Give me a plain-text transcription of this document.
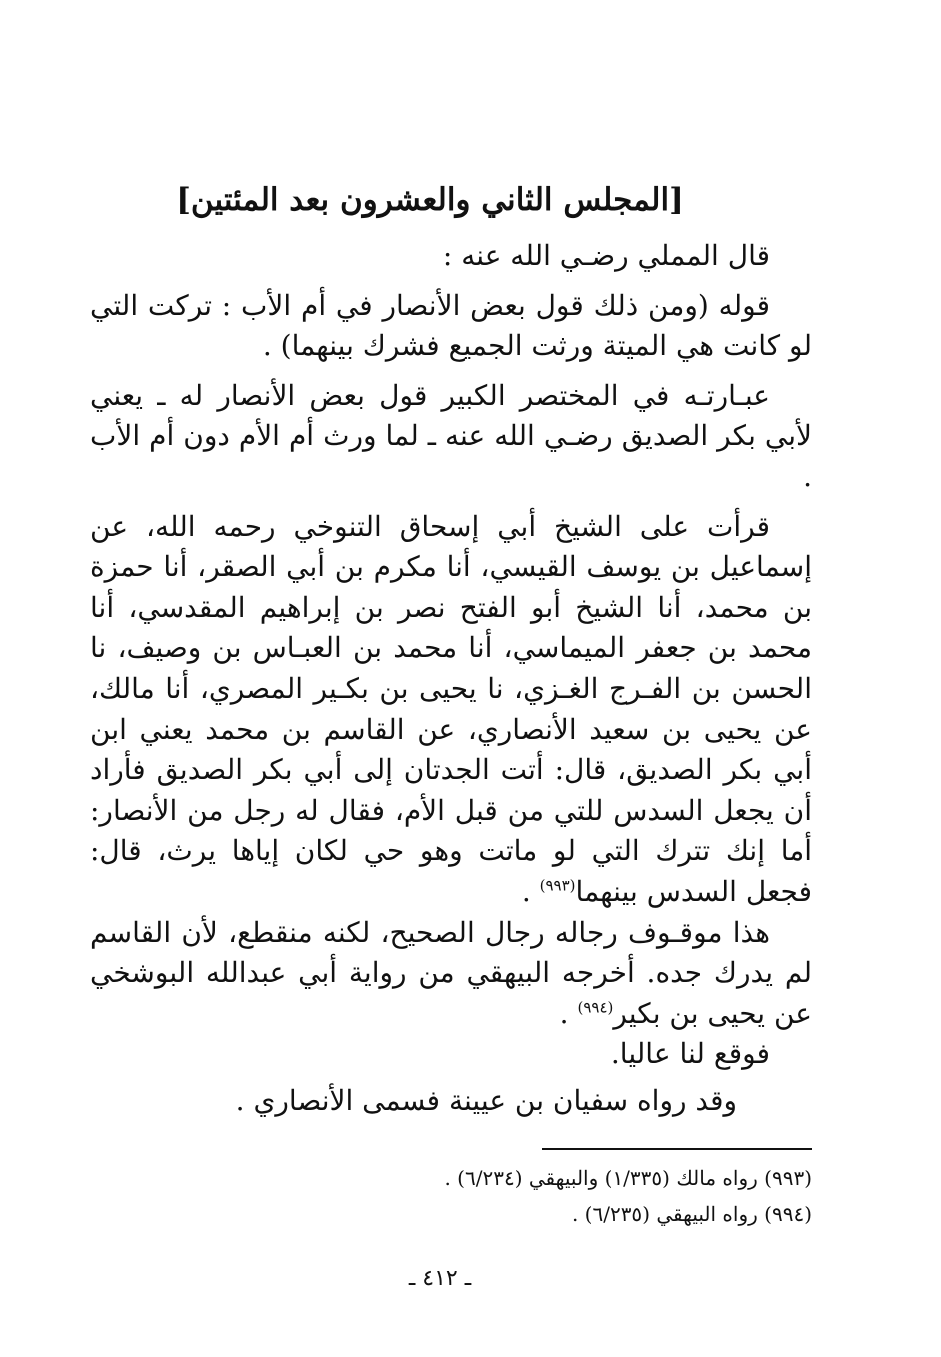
[المجلس الثاني والعشرون بعد المئتين]

قال المملي رضـي الله عنه :

قوله (ومن ذلك قول بعض الأنصار في أم الأب : تركت التي لو كانت هي الميتة ورثت الجميع فشرك بينهما) .

عبـارتـه في المختصر الكبير قول بعض الأنصار له ـ يعني لأبي بكر الصديق رضـي الله عنه ـ لما ورث أم الأم دون أم الأب .

قرأت على الشيخ أبي إسحاق التنوخي رحمه الله، عن إسماعيل بن يوسف القيسي، أنا مكرم بن أبي الصقر، أنا حمزة بن محمد، أنا الشيخ أبو الفتح نصر بن إبراهيم المقدسي، أنا محمد بن جعفر الميماسي، أنا محمد بن العبـاس بن وصيف، نا الحسن بن الفـرج الغـزي، نا يحيى بن بكـير المصري، أنا مالك، عن يحيى بن سعيد الأنصاري، عن القاسم بن محمد يعني ابن أبي بكر الصديق، قال: أتت الجدتان إلى أبي بكر الصديق فأراد أن يجعل السدس للتي من قبل الأم، فقال له رجل من الأنصار: أما إنك تترك التي لو ماتت وهو حي لكان إياها يرث، قال: فجعل السدس بينهما$^{(٩٩٣)}$ .

هذا موقـوف رجاله رجال الصحيح، لكنه منقطع، لأن القاسم لم يدرك جده. أخرجه البيهقي من رواية أبي عبدالله البوشخي عن يحيى بن بكير$^{(٩٩٤)}$ .

فوقع لنا عاليا.

وقد رواه سفيان بن عيينة فسمى الأنصاري .

(٩٩٣) رواه مالك (١/٣٣٥) والبيهقي (٦/٢٣٤) .
(٩٩٤) رواه البيهقي (٦/٢٣٥) .
ـ ٤١٢ ـ
